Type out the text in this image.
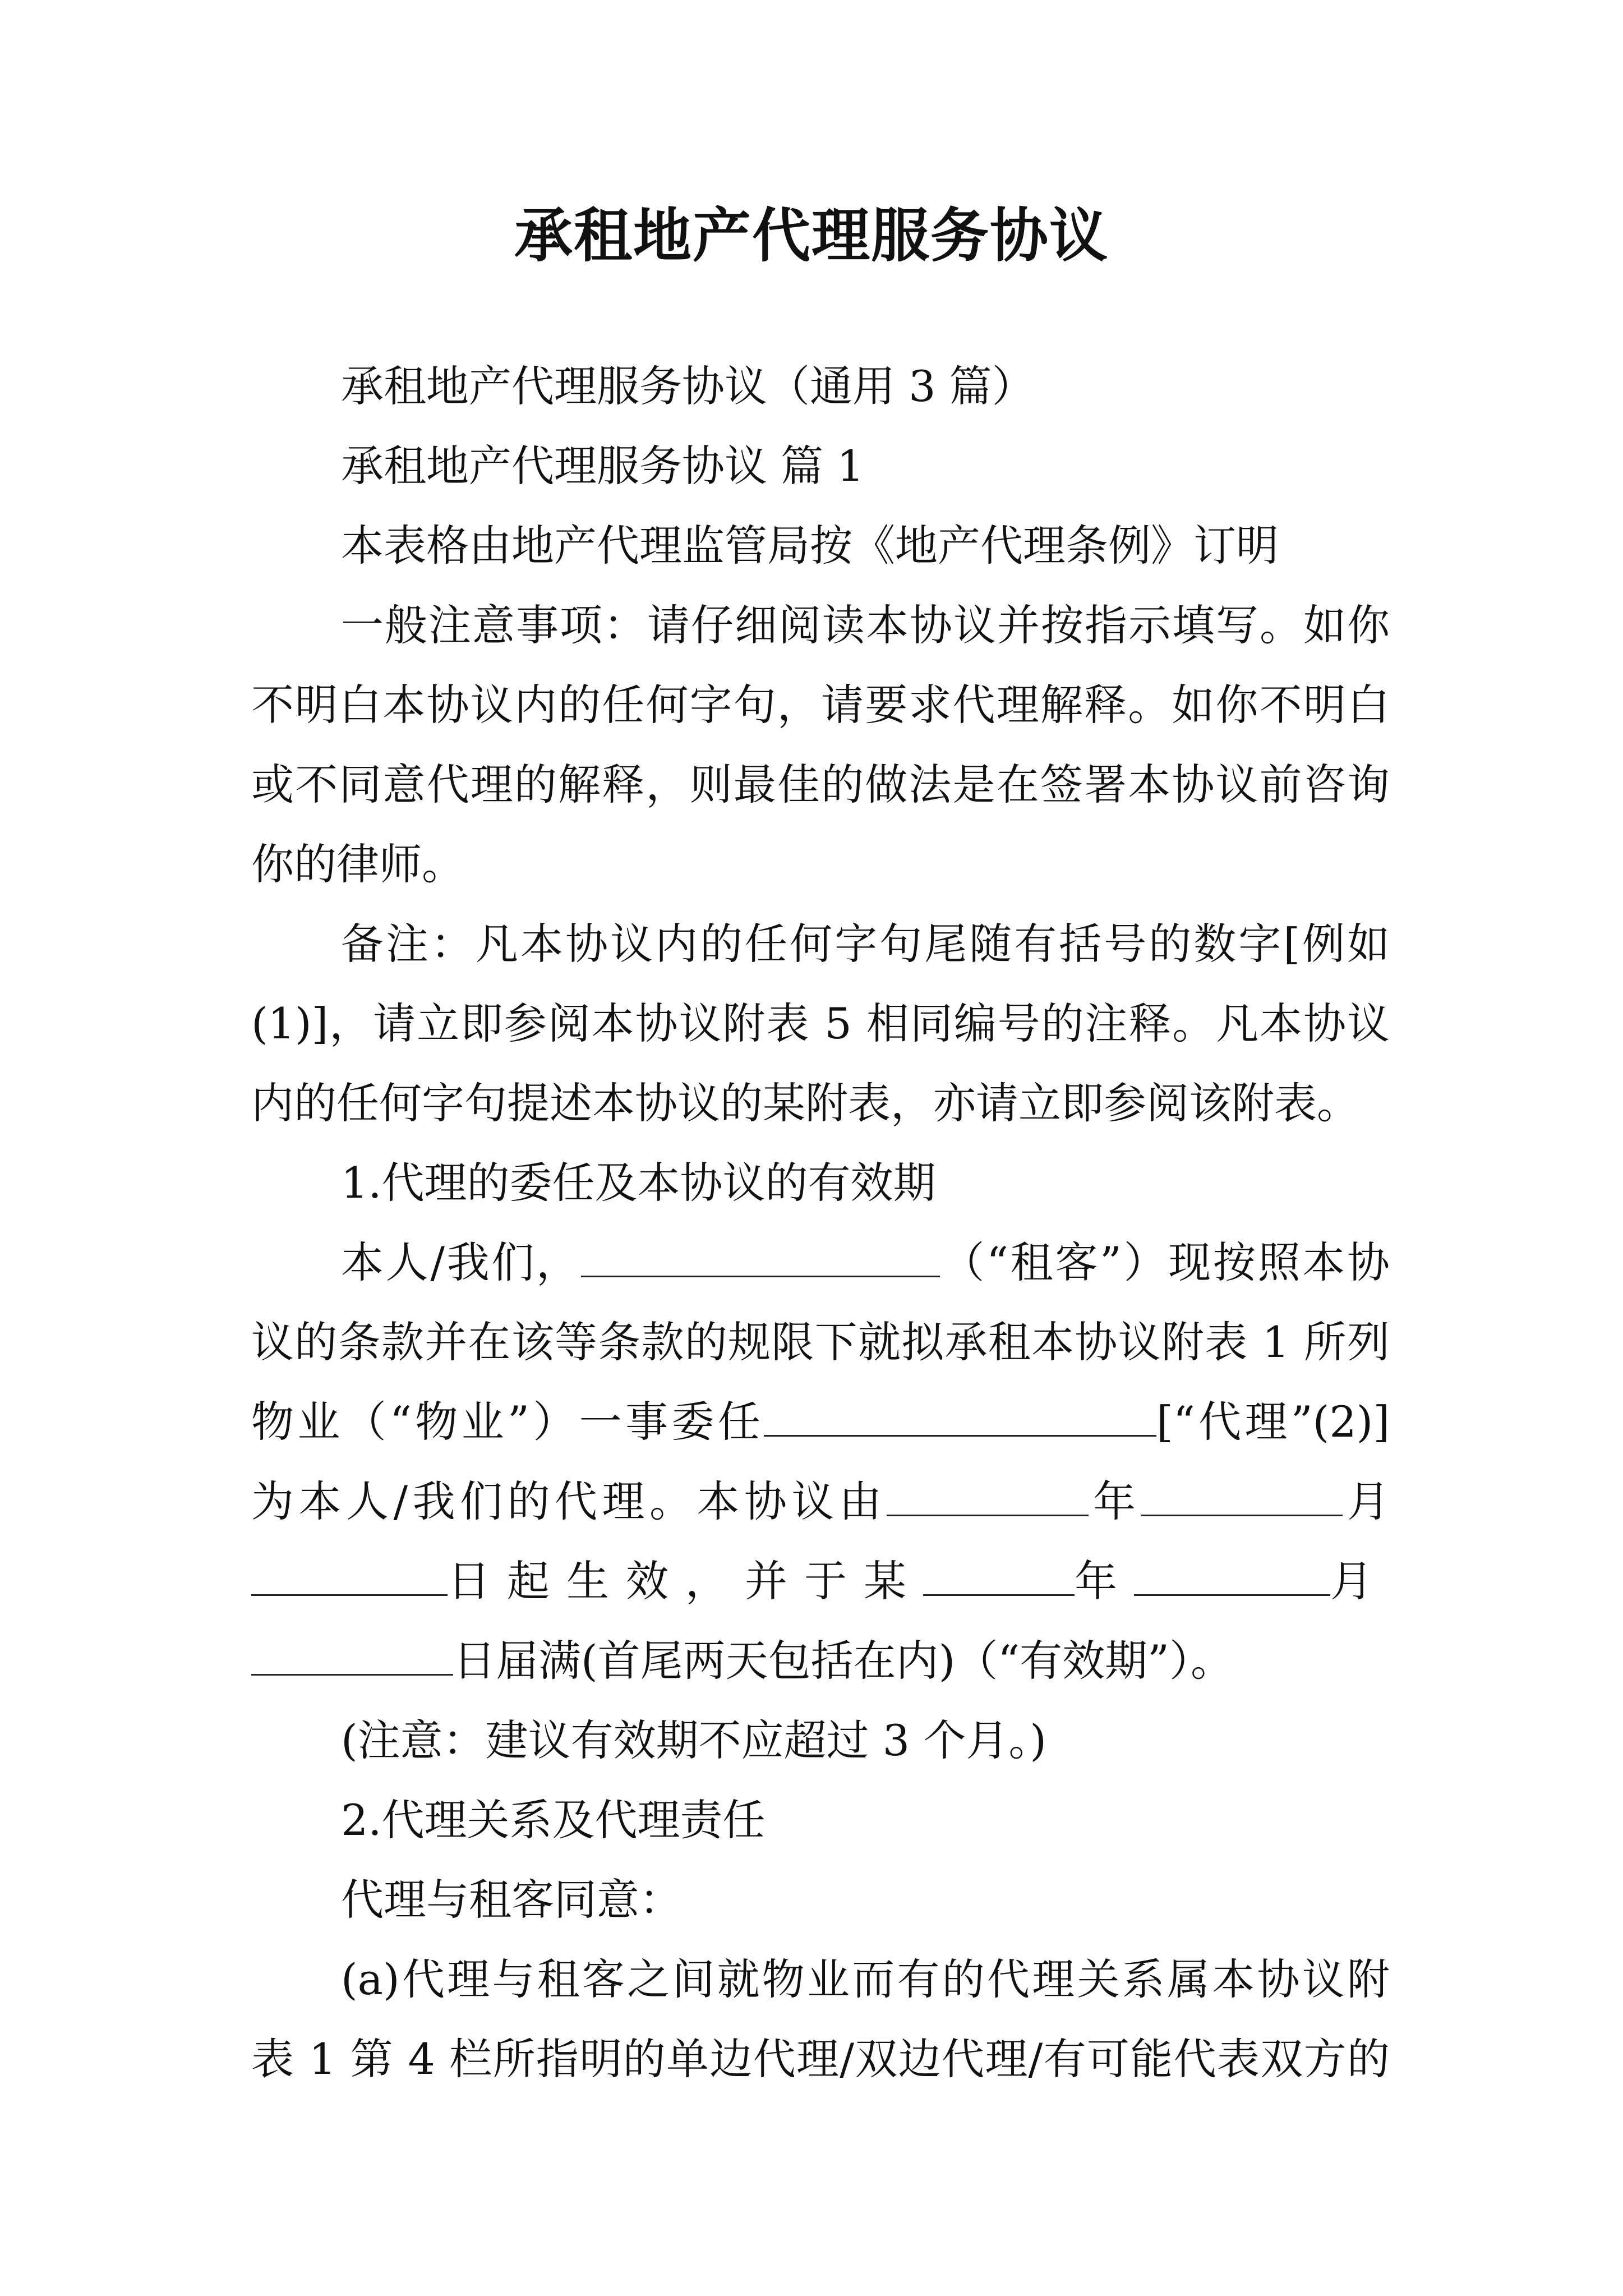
承租地产代理服务协议
承租地产代理服务协议（通用 3 篇）
承租地产代理服务协议 篇 1
本表格由地产代理监管局按《地产代理条例》订明
一般注意事项：请仔细阅读本协议并按指示填写。如你
不明白本协议内的任何字句，请要求代理解释。如你不明白
或不同意代理的解释，则最佳的做法是在签署本协议前咨询
你的律师。
备注：凡本协议内的任何字句尾随有括号的数字[例如
(1)]，请立即参阅本协议附表 5 相同编号的注释。凡本协议
内的任何字句提述本协议的某附表，亦请立即参阅该附表。
1.代理的委任及本协议的有效期
本人/我们，	（“租客”）现按照本协
议的条款并在该等条款的规限下就拟承租本协议附表 1 所列
物业（“物业”）一事委任	[“代理”(2)]
为本人/我们的代理。本协议由	年	月
日起生效，并于某	年	月
日届满(首尾两天包括在内)（“有效期”）。
(注意：建议有效期不应超过 3 个月。)
2.代理关系及代理责任
代理与租客同意：
(a)代理与租客之间就物业而有的代理关系属本协议附
表 1 第 4 栏所指明的单边代理/双边代理/有可能代表双方的
